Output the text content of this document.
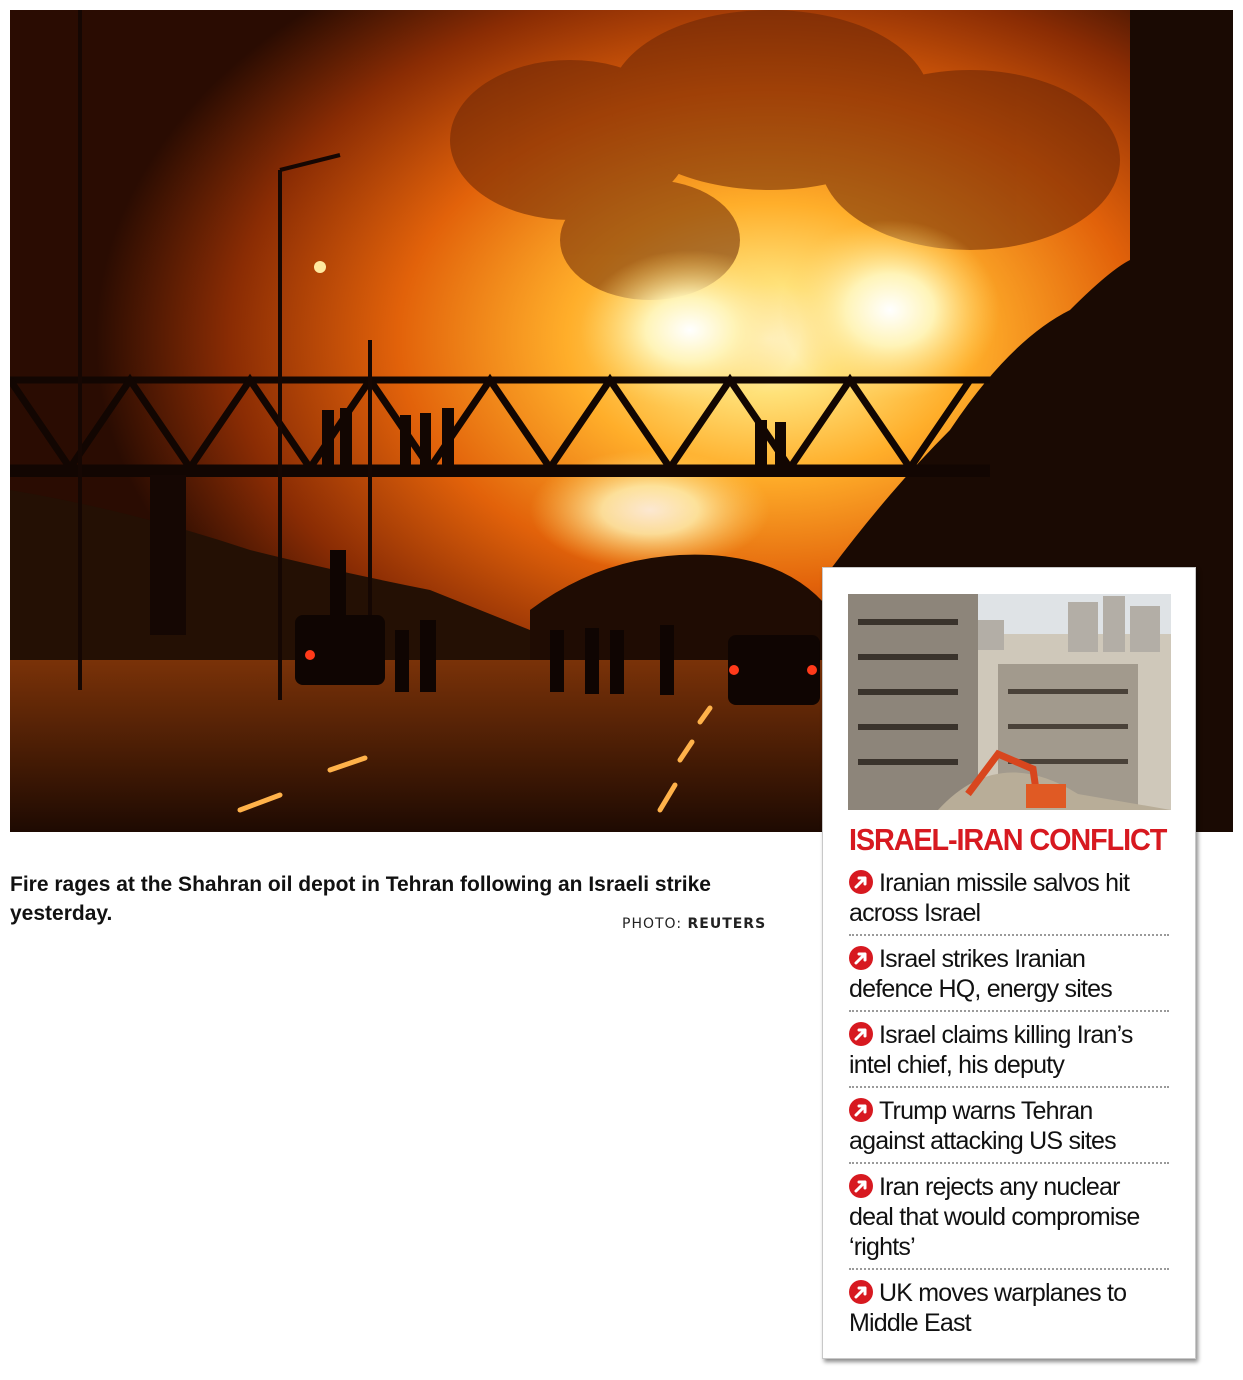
Fire rages at the Shahran oil depot in Tehran following an Israeli strike yesterday.	PHOTO: REUTERS
ISRAEL-IRAN CONFLICT
Iranian missile salvos hit across Israel
Israel strikes Iranian defence HQ, energy sites
Israel claims killing Iran’s intel chief, his deputy
Trump warns Tehran against attacking US sites
Iran rejects any nuclear deal that would compromise ‘rights’
UK moves warplanes to Middle East
